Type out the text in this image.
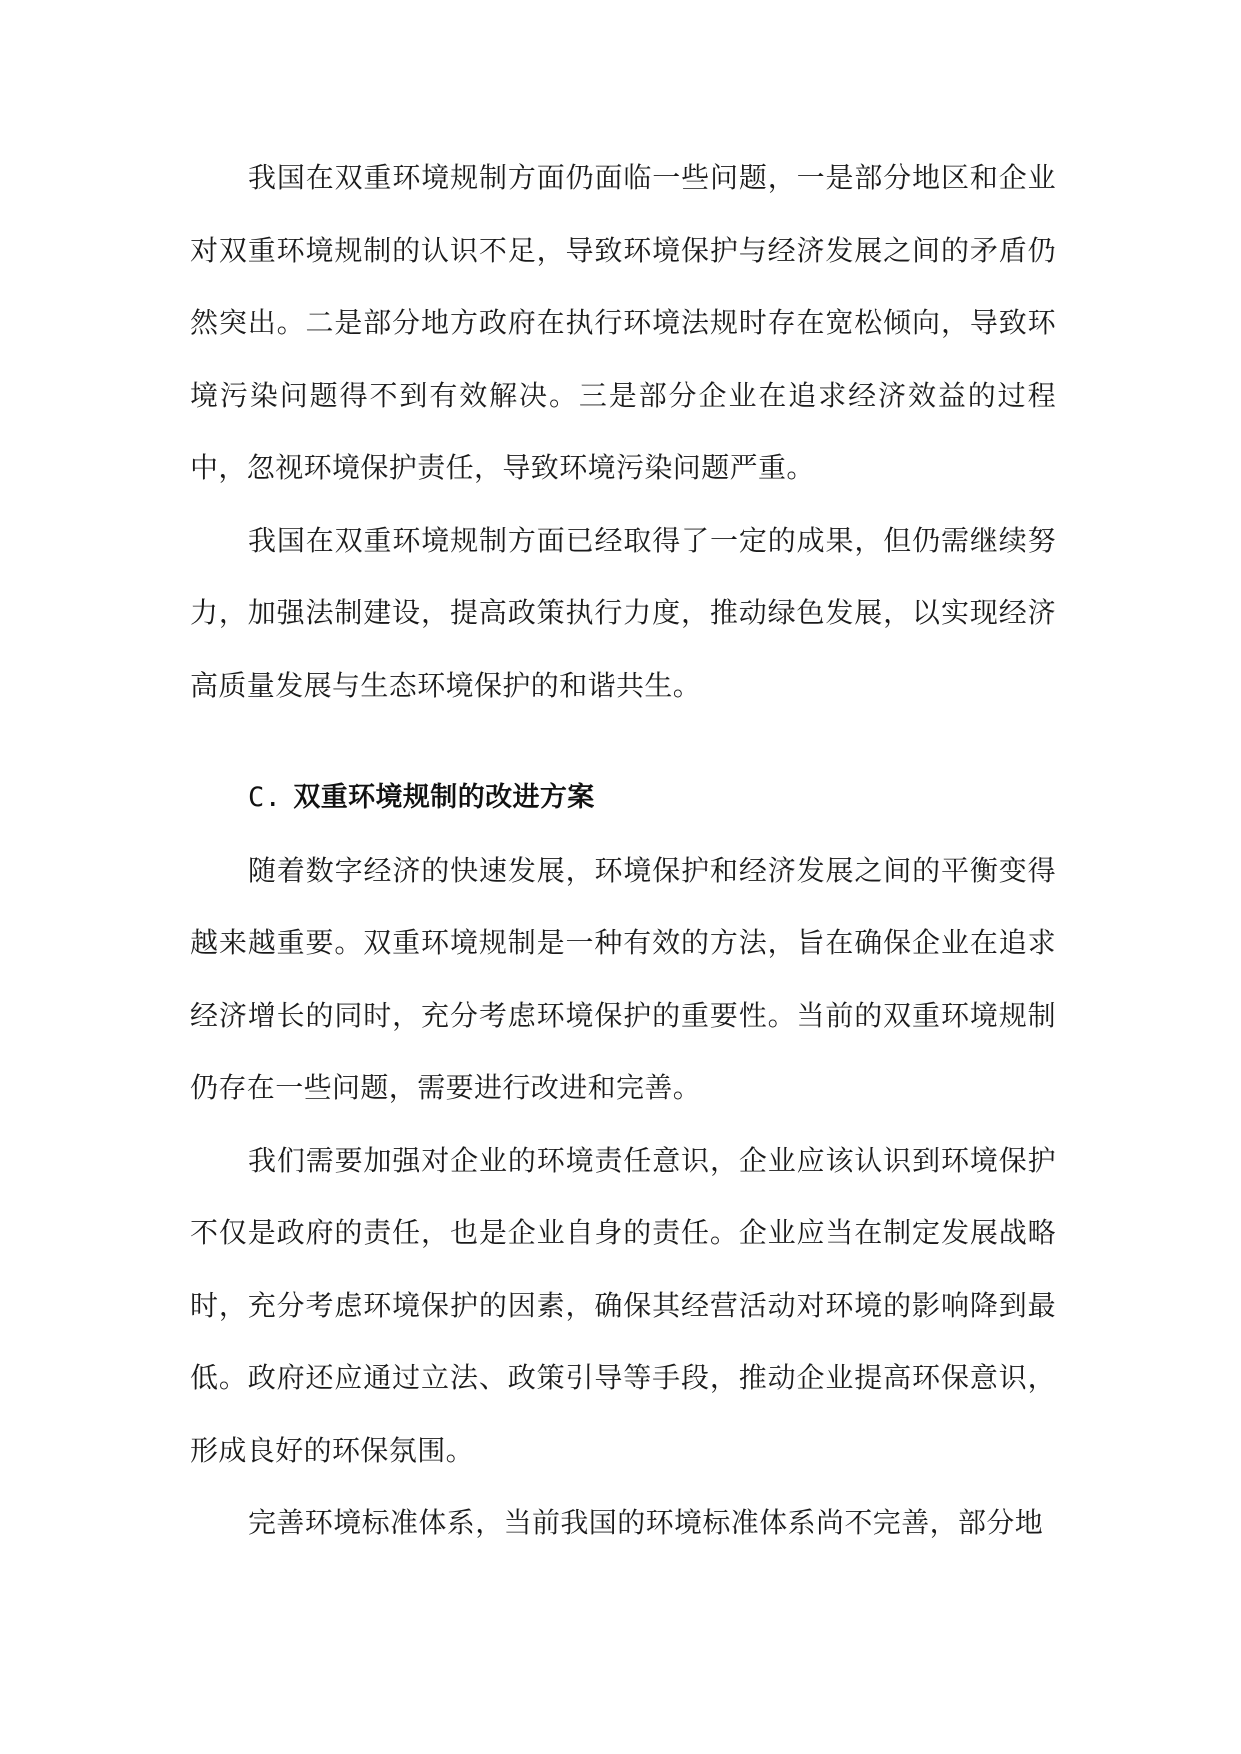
我国在双重环境规制方面仍面临一些问题，一是部分地区和企业对双重环境规制的认识不足，导致环境保护与经济发展之间的矛盾仍然突出。二是部分地方政府在执行环境法规时存在宽松倾向，导致环境污染问题得不到有效解决。三是部分企业在追求经济效益的过程中，忽视环境保护责任，导致环境污染问题严重。

我国在双重环境规制方面已经取得了一定的成果，但仍需继续努力，加强法制建设，提高政策执行力度，推动绿色发展，以实现经济高质量发展与生态环境保护的和谐共生。

C. 双重环境规制的改进方案

随着数字经济的快速发展，环境保护和经济发展之间的平衡变得越来越重要。双重环境规制是一种有效的方法，旨在确保企业在追求经济增长的同时，充分考虑环境保护的重要性。当前的双重环境规制仍存在一些问题，需要进行改进和完善。

我们需要加强对企业的环境责任意识，企业应该认识到环境保护不仅是政府的责任，也是企业自身的责任。企业应当在制定发展战略时，充分考虑环境保护的因素，确保其经营活动对环境的影响降到最低。政府还应通过立法、政策引导等手段，推动企业提高环保意识，形成良好的环保氛围。

完善环境标准体系，当前我国的环境标准体系尚不完善，部分地
